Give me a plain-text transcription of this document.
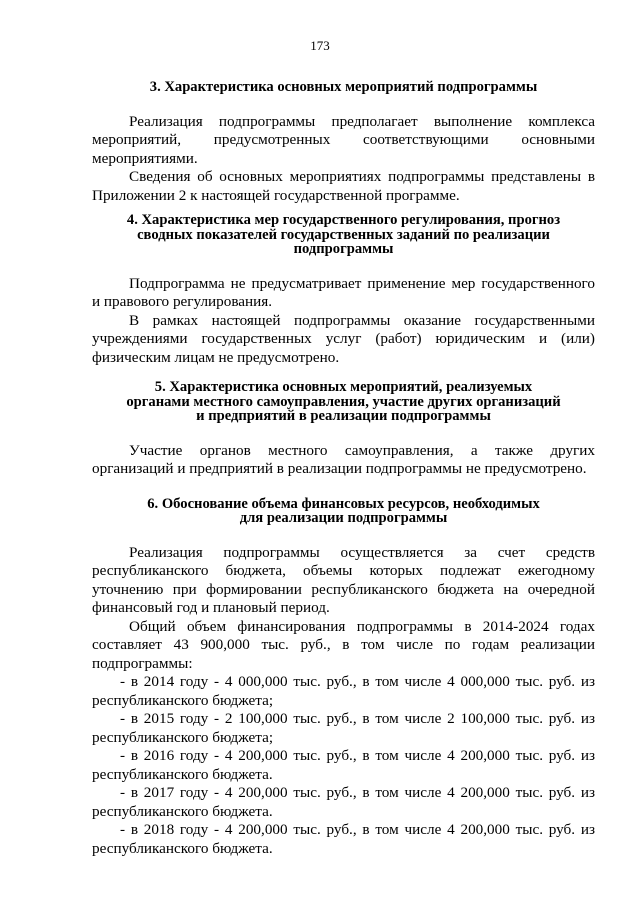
173
3. Характеристика основных мероприятий подпрограммы

Реализация подпрограммы предполагает выполнение комплекса мероприятий, предусмотренных соответствующими основными мероприятиями.

Сведения об основных мероприятиях подпрограммы представлены в Приложении 2 к настоящей государственной программе.

4. Характеристика мер государственного регулирования, прогноз
сводных показателей государственных заданий по реализации
подпрограммы

Подпрограмма не предусматривает применение мер государственного и правового регулирования.

В рамках настоящей подпрограммы оказание государственными учреждениями государственных услуг (работ) юридическим и (или) физическим лицам не предусмотрено.

5. Характеристика основных мероприятий, реализуемых
органами местного самоуправления, участие других организаций
и предприятий в реализации подпрограммы

Участие органов местного самоуправления, а также других организаций и предприятий в реализации подпрограммы не предусмотрено.

6. Обоснование объема финансовых ресурсов, необходимых
для реализации подпрограммы

Реализация подпрограммы осуществляется за счет средств республиканского бюджета, объемы которых подлежат ежегодному уточнению при формировании республиканского бюджета на очередной финансовый год и плановый период.

Общий объем финансирования подпрограммы в 2014-2024 годах составляет 43 900,000 тыс. руб., в том числе по годам реализации подпрограммы:

- в 2014 году - 4 000,000 тыс. руб., в том числе 4 000,000 тыс. руб. из республиканского бюджета;

- в 2015 году - 2 100,000 тыс. руб., в том числе 2 100,000 тыс. руб. из республиканского бюджета;

- в 2016 году - 4 200,000 тыс. руб., в том числе 4 200,000 тыс. руб. из республиканского бюджета.

- в 2017 году - 4 200,000 тыс. руб., в том числе 4 200,000 тыс. руб. из республиканского бюджета.

- в 2018 году - 4 200,000 тыс. руб., в том числе 4 200,000 тыс. руб. из республиканского бюджета.
